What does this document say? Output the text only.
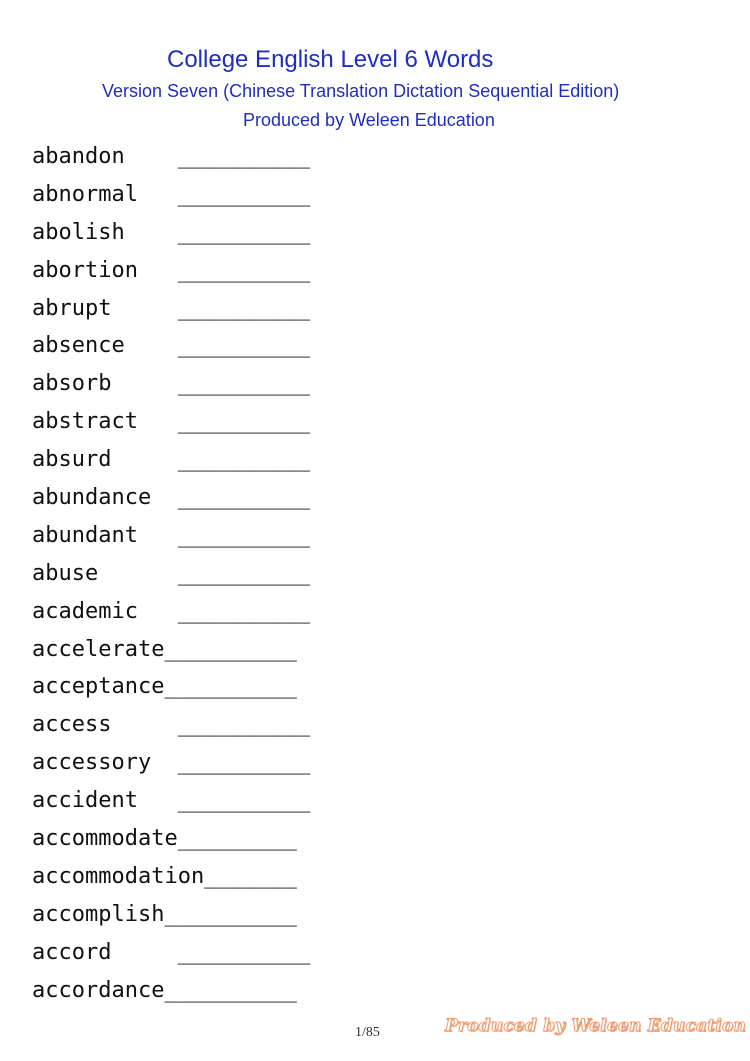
College English Level 6 Words
Version Seven (Chinese Translation Dictation Sequential Edition)
Produced by Weleen Education
abandon    __________
abnormal   __________
abolish    __________
abortion   __________
abrupt     __________
absence    __________
absorb     __________
abstract   __________
absurd     __________
abundance  __________
abundant   __________
abuse      __________
academic   __________
accelerate__________
acceptance__________
access     __________
accessory  __________
accident   __________
accommodate_________
accommodation_______
accomplish__________
accord     __________
accordance__________
1/85	Produced by Weleen Education
